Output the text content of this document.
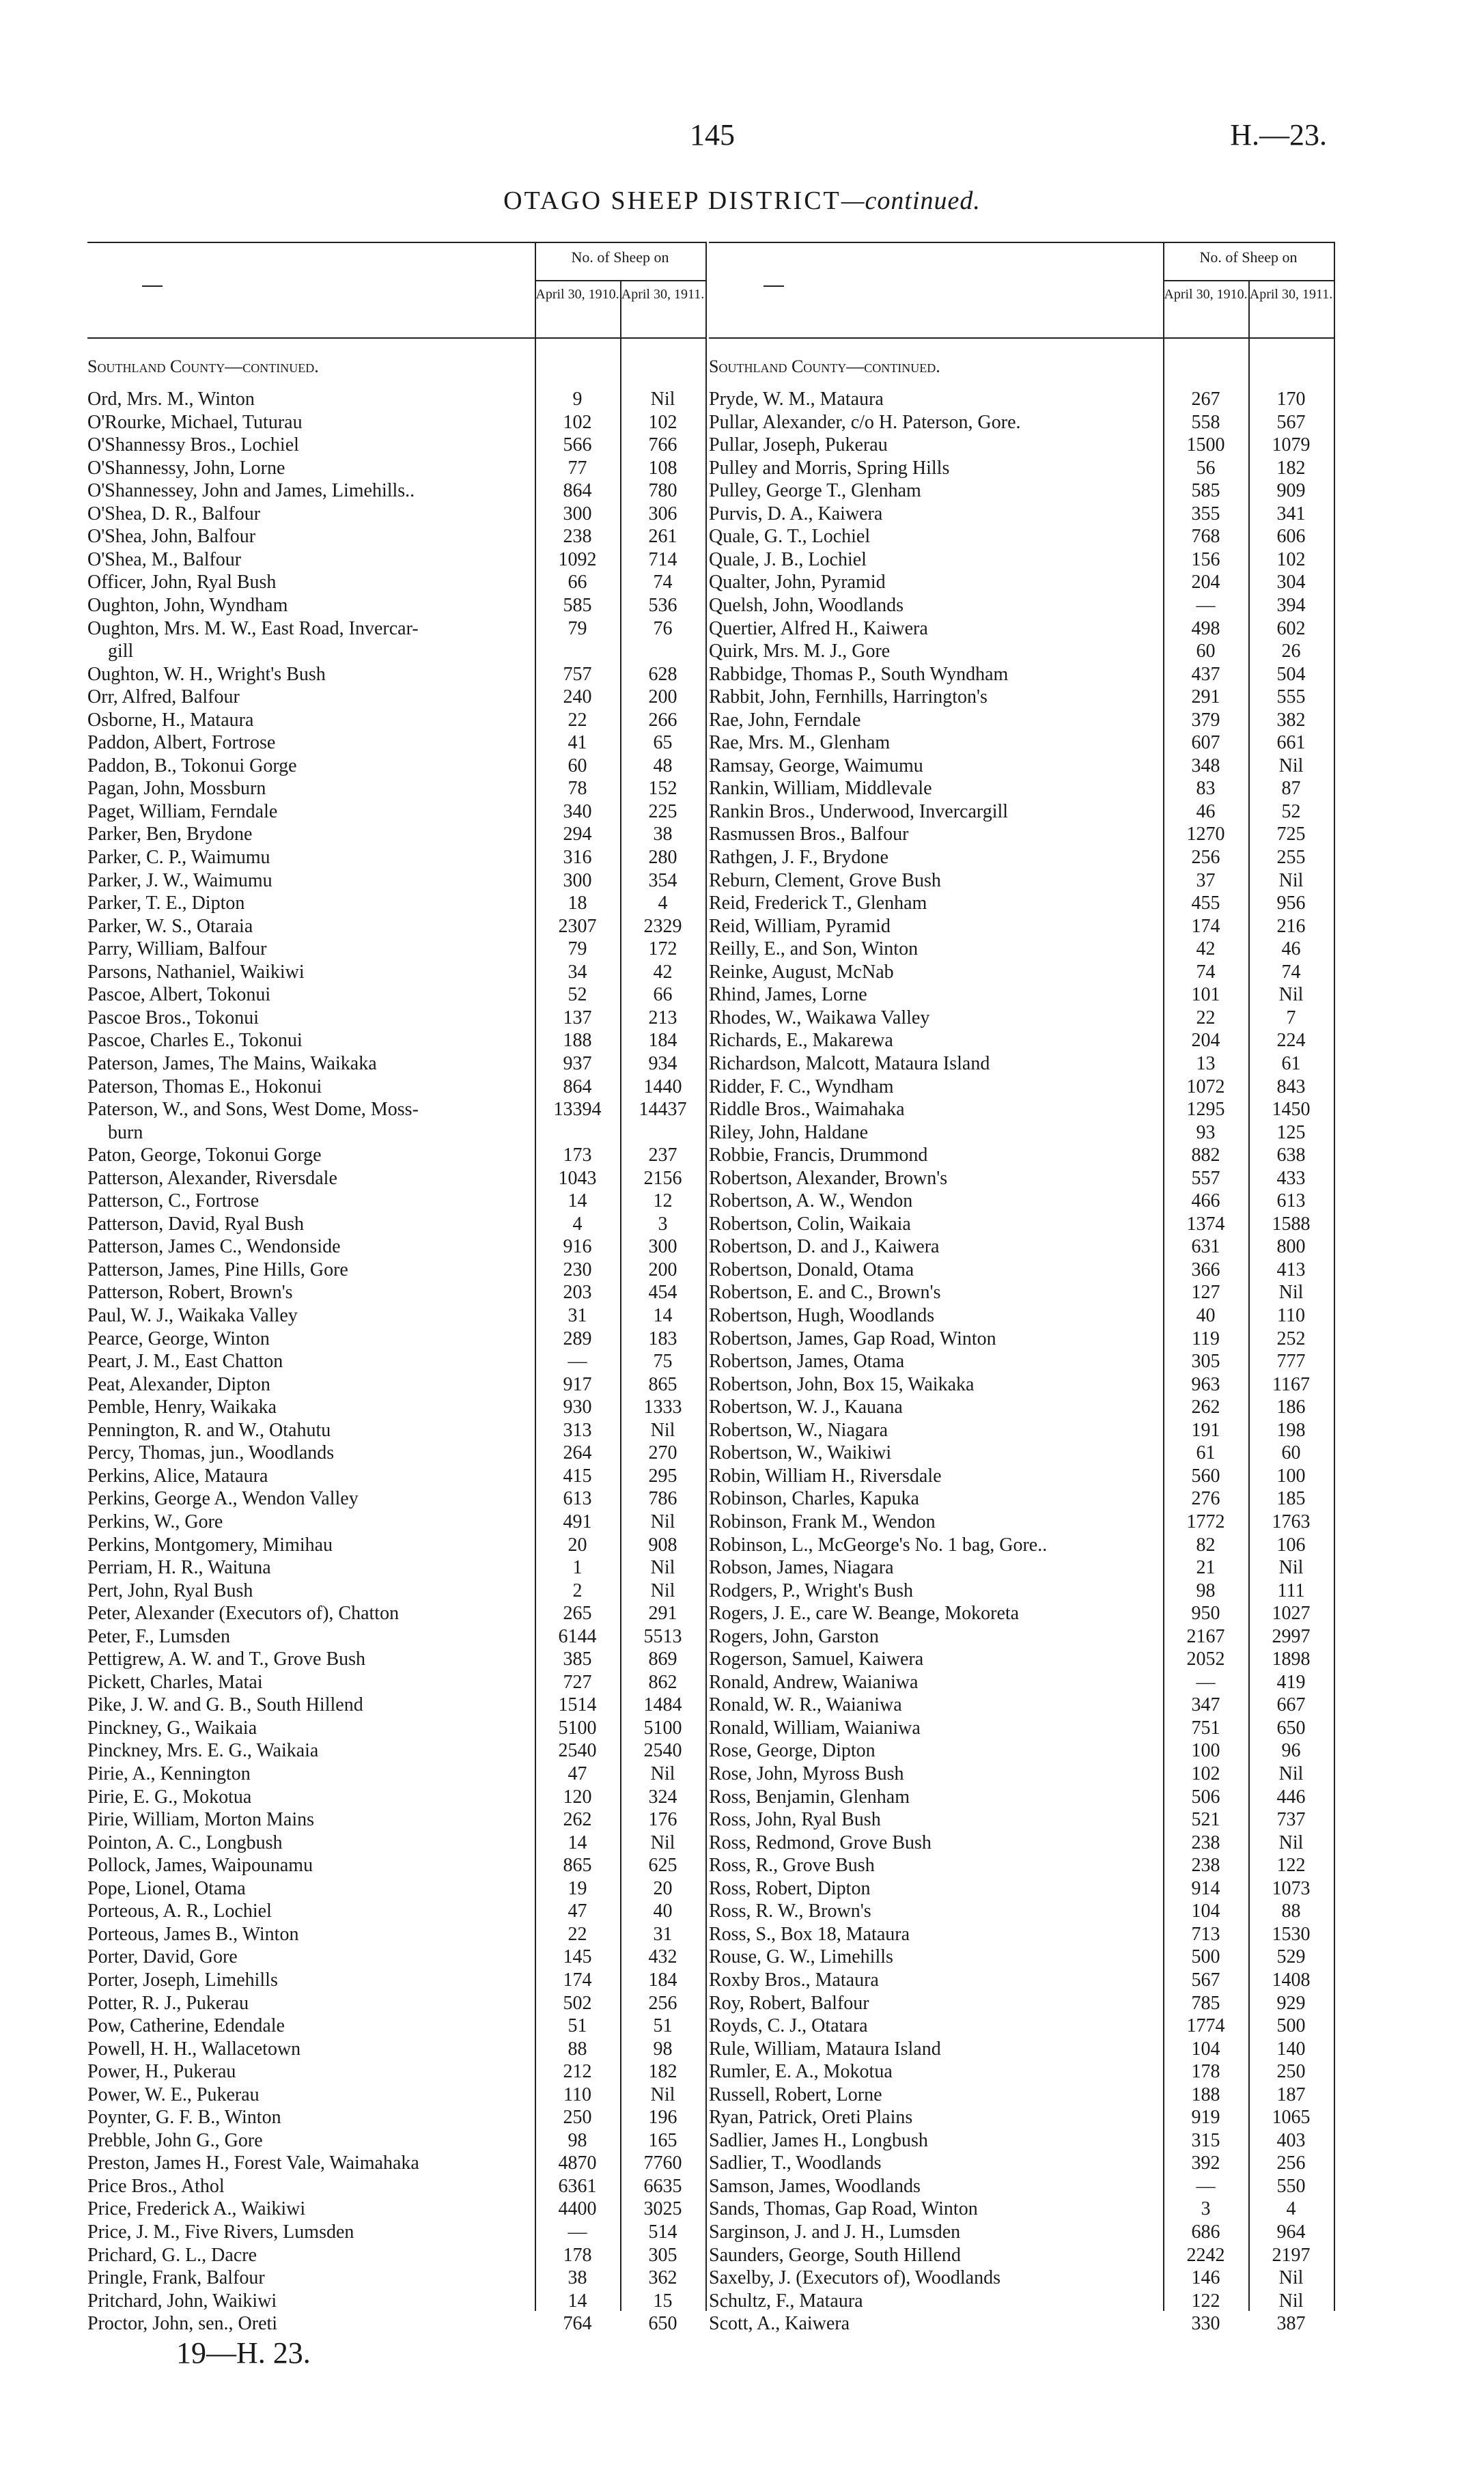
145	H.—23.
OTAGO SHEEP DISTRICT—continued.
No. of Sheep on
April 30, 1910. April 30, 1911.
Southland County—continued.
Ord, Mrs. M., Winton	9	Nil
O'Rourke, Michael, Tuturau	102	102
O'Shannessy Bros., Lochiel	566	766
O'Shannessy, John, Lorne	77	108
O'Shannessey, John and James, Limehills..	864	780
O'Shea, D. R., Balfour	300	306
O'Shea, John, Balfour	238	261
O'Shea, M., Balfour	1092	714
Officer, John, Ryal Bush	66	74
Oughton, John, Wyndham	585	536
Oughton, Mrs. M. W., East Road, Invercar-	79	76
gill
Oughton, W. H., Wright's Bush	757	628
Orr, Alfred, Balfour	240	200
Osborne, H., Mataura	22	266
Paddon, Albert, Fortrose	41	65
Paddon, B., Tokonui Gorge	60	48
Pagan, John, Mossburn	78	152
Paget, William, Ferndale	340	225
Parker, Ben, Brydone	294	38
Parker, C. P., Waimumu	316	280
Parker, J. W., Waimumu	300	354
Parker, T. E., Dipton	18	4
Parker, W. S., Otaraia	2307	2329
Parry, William, Balfour	79	172
Parsons, Nathaniel, Waikiwi	34	42
Pascoe, Albert, Tokonui	52	66
Pascoe Bros., Tokonui	137	213
Pascoe, Charles E., Tokonui	188	184
Paterson, James, The Mains, Waikaka	937	934
Paterson, Thomas E., Hokonui	864	1440
Paterson, W., and Sons, West Dome, Moss-	13394	14437
burn
Paton, George, Tokonui Gorge	173	237
Patterson, Alexander, Riversdale	1043	2156
Patterson, C., Fortrose	14	12
Patterson, David, Ryal Bush	4	3
Patterson, James C., Wendonside	916	300
Patterson, James, Pine Hills, Gore	230	200
Patterson, Robert, Brown's	203	454
Paul, W. J., Waikaka Valley	31	14
Pearce, George, Winton	289	183
Peart, J. M., East Chatton	—	75
Peat, Alexander, Dipton	917	865
Pemble, Henry, Waikaka	930	1333
Pennington, R. and W., Otahutu	313	Nil
Percy, Thomas, jun., Woodlands	264	270
Perkins, Alice, Mataura	415	295
Perkins, George A., Wendon Valley	613	786
Perkins, W., Gore	491	Nil
Perkins, Montgomery, Mimihau	20	908
Perriam, H. R., Waituna	1	Nil
Pert, John, Ryal Bush	2	Nil
Peter, Alexander (Executors of), Chatton	265	291
Peter, F., Lumsden	6144	5513
Pettigrew, A. W. and T., Grove Bush	385	869
Pickett, Charles, Matai	727	862
Pike, J. W. and G. B., South Hillend	1514	1484
Pinckney, G., Waikaia	5100	5100
Pinckney, Mrs. E. G., Waikaia	2540	2540
Pirie, A., Kennington	47	Nil
Pirie, E. G., Mokotua	120	324
Pirie, William, Morton Mains	262	176
Pointon, A. C., Longbush	14	Nil
Pollock, James, Waipounamu	865	625
Pope, Lionel, Otama	19	20
Porteous, A. R., Lochiel	47	40
Porteous, James B., Winton	22	31
Porter, David, Gore	145	432
Porter, Joseph, Limehills	174	184
Potter, R. J., Pukerau	502	256
Pow, Catherine, Edendale	51	51
Powell, H. H., Wallacetown	88	98
Power, H., Pukerau	212	182
Power, W. E., Pukerau	110	Nil
Poynter, G. F. B., Winton	250	196
Prebble, John G., Gore	98	165
Preston, James H., Forest Vale, Waimahaka	4870	7760
Price Bros., Athol	6361	6635
Price, Frederick A., Waikiwi	4400	3025
Price, J. M., Five Rivers, Lumsden	—	514
Prichard, G. L., Dacre	178	305
Pringle, Frank, Balfour	38	362
Pritchard, John, Waikiwi	14	15
Proctor, John, sen., Oreti	764	650
No. of Sheep on
April 30, 1910. April 30, 1911.
Southland County—continued.
Pryde, W. M., Mataura	267	170
Pullar, Alexander, c/o H. Paterson, Gore.	558	567
Pullar, Joseph, Pukerau	1500	1079
Pulley and Morris, Spring Hills	56	182
Pulley, George T., Glenham	585	909
Purvis, D. A., Kaiwera	355	341
Quale, G. T., Lochiel	768	606
Quale, J. B., Lochiel	156	102
Qualter, John, Pyramid	204	304
Quelsh, John, Woodlands	—	394
Quertier, Alfred H., Kaiwera	498	602
Quirk, Mrs. M. J., Gore	60	26
Rabbidge, Thomas P., South Wyndham	437	504
Rabbit, John, Fernhills, Harrington's	291	555
Rae, John, Ferndale	379	382
Rae, Mrs. M., Glenham	607	661
Ramsay, George, Waimumu	348	Nil
Rankin, William, Middlevale	83	87
Rankin Bros., Underwood, Invercargill	46	52
Rasmussen Bros., Balfour	1270	725
Rathgen, J. F., Brydone	256	255
Reburn, Clement, Grove Bush	37	Nil
Reid, Frederick T., Glenham	455	956
Reid, William, Pyramid	174	216
Reilly, E., and Son, Winton	42	46
Reinke, August, McNab	74	74
Rhind, James, Lorne	101	Nil
Rhodes, W., Waikawa Valley	22	7
Richards, E., Makarewa	204	224
Richardson, Malcott, Mataura Island	13	61
Ridder, F. C., Wyndham	1072	843
Riddle Bros., Waimahaka	1295	1450
Riley, John, Haldane	93	125
Robbie, Francis, Drummond	882	638
Robertson, Alexander, Brown's	557	433
Robertson, A. W., Wendon	466	613
Robertson, Colin, Waikaia	1374	1588
Robertson, D. and J., Kaiwera	631	800
Robertson, Donald, Otama	366	413
Robertson, E. and C., Brown's	127	Nil
Robertson, Hugh, Woodlands	40	110
Robertson, James, Gap Road, Winton	119	252
Robertson, James, Otama	305	777
Robertson, John, Box 15, Waikaka	963	1167
Robertson, W. J., Kauana	262	186
Robertson, W., Niagara	191	198
Robertson, W., Waikiwi	61	60
Robin, William H., Riversdale	560	100
Robinson, Charles, Kapuka	276	185
Robinson, Frank M., Wendon	1772	1763
Robinson, L., McGeorge's No. 1 bag, Gore..	82	106
Robson, James, Niagara	21	Nil
Rodgers, P., Wright's Bush	98	111
Rogers, J. E., care W. Beange, Mokoreta	950	1027
Rogers, John, Garston	2167	2997
Rogerson, Samuel, Kaiwera	2052	1898
Ronald, Andrew, Waianiwa	—	419
Ronald, W. R., Waianiwa	347	667
Ronald, William, Waianiwa	751	650
Rose, George, Dipton	100	96
Rose, John, Myross Bush	102	Nil
Ross, Benjamin, Glenham	506	446
Ross, John, Ryal Bush	521	737
Ross, Redmond, Grove Bush	238	Nil
Ross, R., Grove Bush	238	122
Ross, Robert, Dipton	914	1073
Ross, R. W., Brown's	104	88
Ross, S., Box 18, Mataura	713	1530
Rouse, G. W., Limehills	500	529
Roxby Bros., Mataura	567	1408
Roy, Robert, Balfour	785	929
Royds, C. J., Otatara	1774	500
Rule, William, Mataura Island	104	140
Rumler, E. A., Mokotua	178	250
Russell, Robert, Lorne	188	187
Ryan, Patrick, Oreti Plains	919	1065
Sadlier, James H., Longbush	315	403
Sadlier, T., Woodlands	392	256
Samson, James, Woodlands	—	550
Sands, Thomas, Gap Road, Winton	3	4
Sarginson, J. and J. H., Lumsden	686	964
Saunders, George, South Hillend	2242	2197
Saxelby, J. (Executors of), Woodlands	146	Nil
Schultz, F., Mataura	122	Nil
Scott, A., Kaiwera	330	387
19—H. 23.
